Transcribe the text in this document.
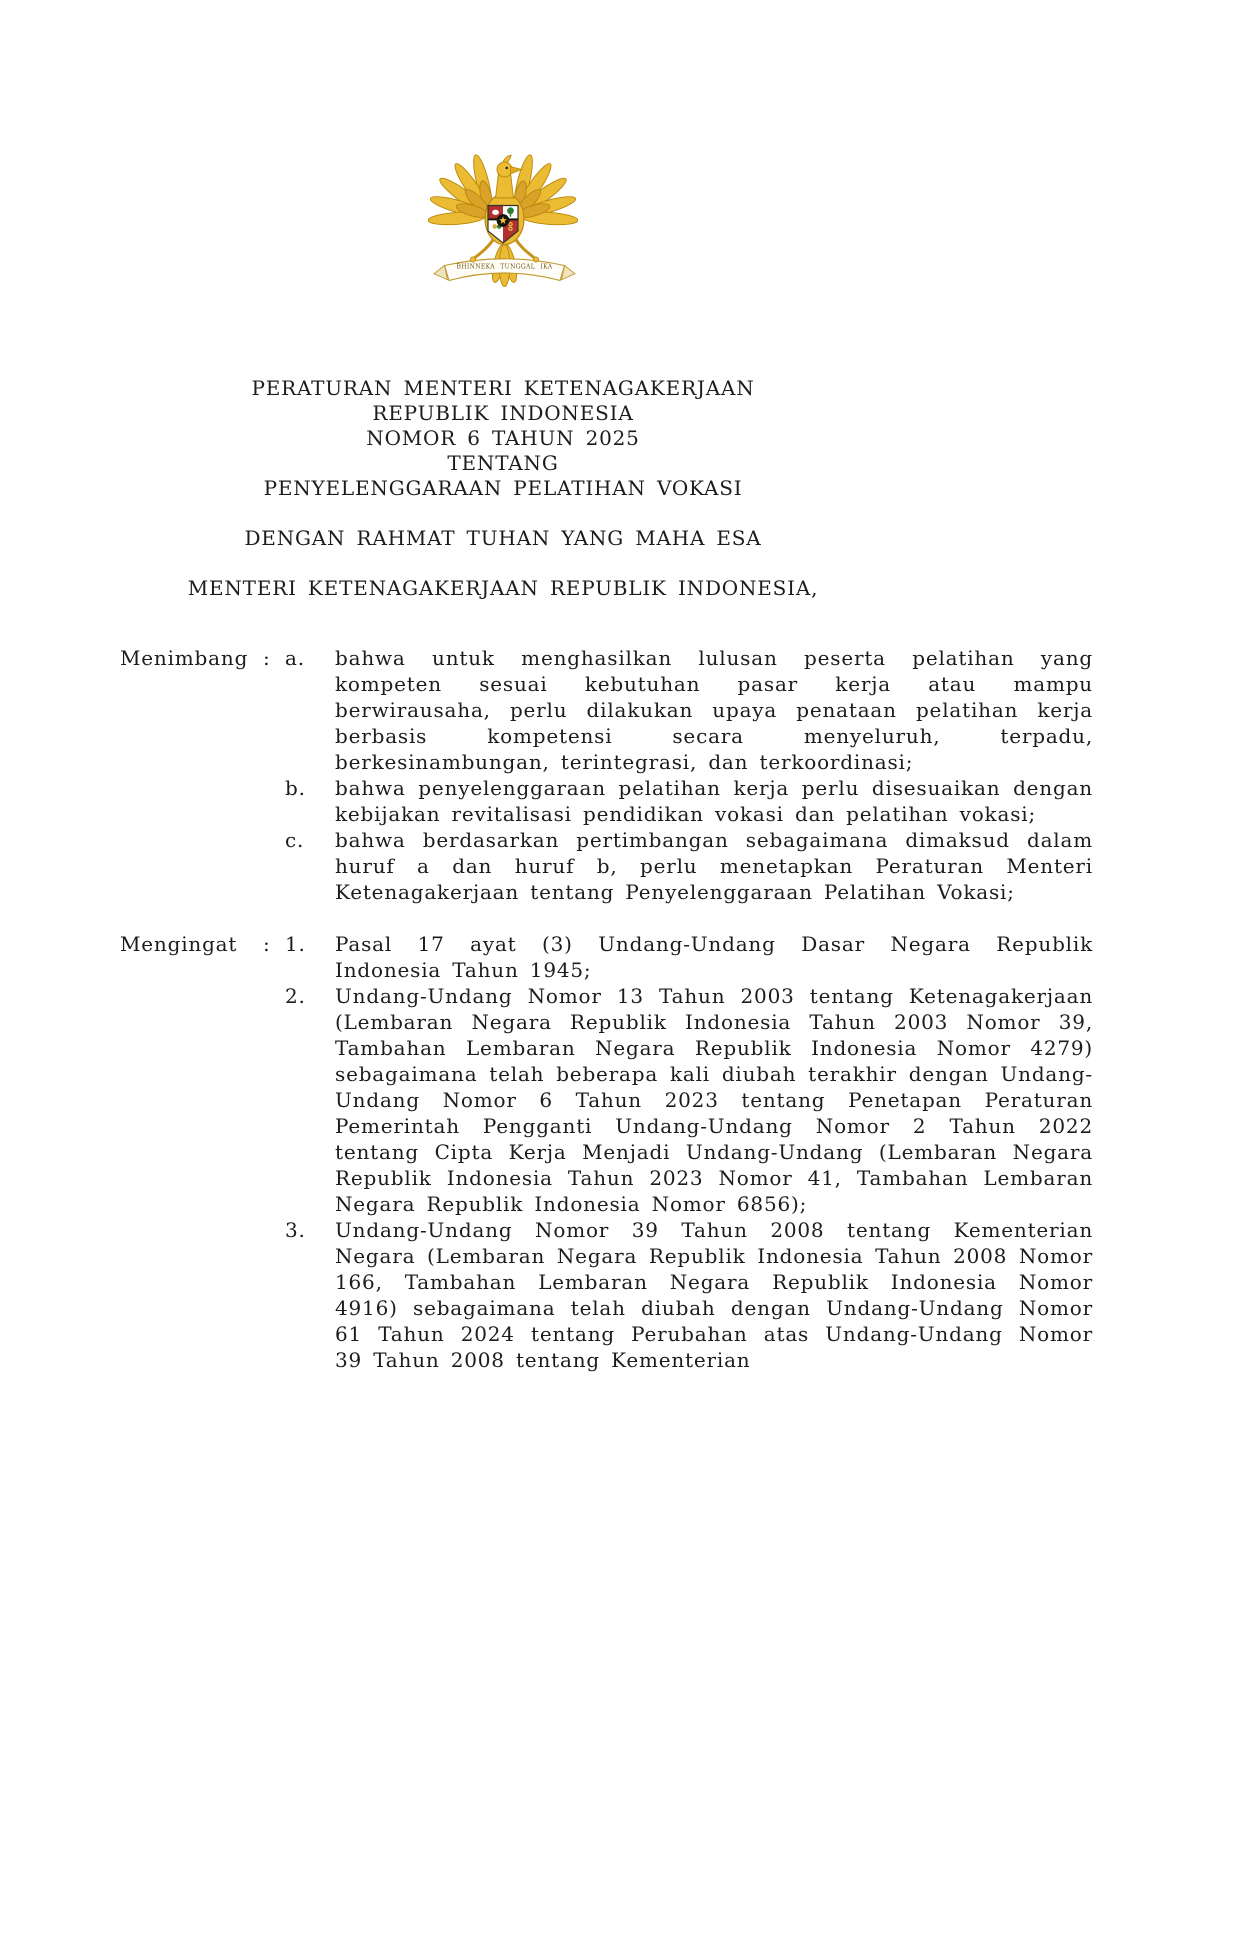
BHINNEKA TUNGGAL IKA
PERATURAN MENTERI KETENAGAKERJAAN
REPUBLIK INDONESIA
NOMOR 6 TAHUN 2025
TENTANG
PENYELENGGARAAN PELATIHAN VOKASI
DENGAN RAHMAT TUHAN YANG MAHA ESA
MENTERI KETENAGAKERJAAN REPUBLIK INDONESIA,
Menimbang : a.	bahwa untuk menghasilkan lulusan peserta pelatihan yang kompeten sesuai kebutuhan pasar kerja atau mampu berwirausaha, perlu dilakukan upaya penataan pelatihan kerja berbasis kompetensi secara menyeluruh, terpadu, berkesinambungan, terintegrasi, dan terkoordinasi;
b.	bahwa penyelenggaraan pelatihan kerja perlu disesuaikan dengan kebijakan revitalisasi pendidikan vokasi dan pelatihan vokasi;
c.	bahwa berdasarkan pertimbangan sebagaimana dimaksud dalam huruf a dan huruf b, perlu menetapkan Peraturan Menteri Ketenagakerjaan tentang Penyelenggaraan Pelatihan Vokasi;
Mengingat	: 1.	Pasal 17 ayat (3) Undang-Undang Dasar Negara Republik Indonesia Tahun 1945;
2.	Undang-Undang Nomor 13 Tahun 2003 tentang Ketenagakerjaan (Lembaran Negara Republik Indonesia Tahun 2003 Nomor 39, Tambahan Lembaran Negara Republik Indonesia Nomor 4279) sebagaimana telah beberapa kali diubah terakhir dengan Undang-Undang Nomor 6 Tahun 2023 tentang Penetapan Peraturan Pemerintah Pengganti Undang-Undang Nomor 2 Tahun 2022 tentang Cipta Kerja Menjadi Undang-Undang (Lembaran Negara Republik Indonesia Tahun 2023 Nomor 41, Tambahan Lembaran Negara Republik Indonesia Nomor 6856);
3.	Undang-Undang Nomor 39 Tahun 2008 tentang Kementerian Negara (Lembaran Negara Republik Indonesia Tahun 2008 Nomor 166, Tambahan Lembaran Negara Republik Indonesia Nomor 4916) sebagaimana telah diubah dengan Undang-Undang Nomor 61 Tahun 2024 tentang Perubahan atas Undang-Undang Nomor 39 Tahun 2008 tentang Kementerian
